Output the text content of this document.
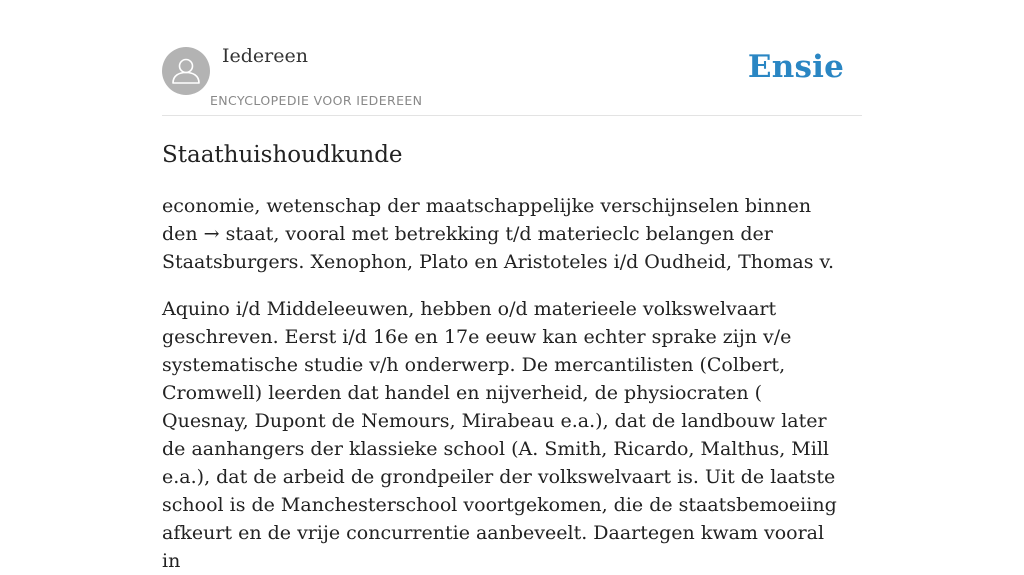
Iedereen
ENCYCLOPEDIE VOOR IEDEREEN
Ensie
Staathuishoudkunde

economie, wetenschap der maatschappelijke verschijnselen binnen den → staat, vooral met betrekking t/d materieclc belangen der Staatsburgers. Xenophon, Plato en Aristoteles i/d Oudheid, Thomas v.

Aquino i/d Middeleeuwen, hebben o/d materieele volkswelvaart geschreven. Eerst i/d 16e en 17e eeuw kan echter sprake zijn v/e systematische studie v/h onderwerp. De mercantilisten (Colbert, Cromwell) leerden dat handel en nijverheid, de physiocraten ( Quesnay, Dupont de Nemours, Mirabeau e.a.), dat de landbouw later de aanhangers der klassieke school (A. Smith, Ricardo, Malthus, Mill e.a.), dat de arbeid de grondpeiler der volkswelvaart is. Uit de laatste school is de Manchesterschool voortgekomen, die de staatsbemoeiing afkeurt en de vrije concurrentie aanbeveelt. Daartegen kwam vooral in
